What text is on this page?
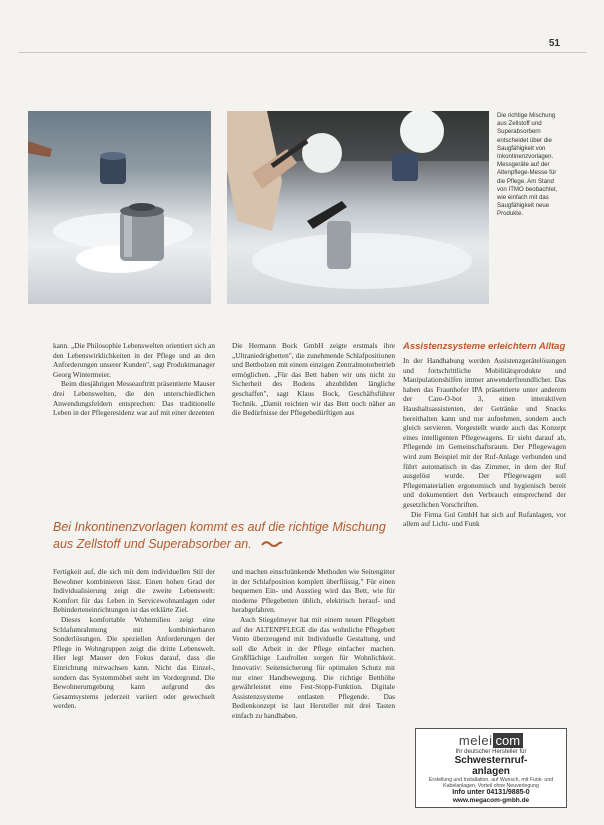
51
Die richtige Mischung aus Zellstoff und Superabsorbern entscheidet über die Saugfähigkeit von Inkontinenzvorlagen. Messgeräte auf der Altenpflege-Messe für die Pflege. Am Stand von ITMO beobachtet, wie einfach mit das Saugfähigkeit neue Produkte.

kann. „Die Philosophie Lebenswelten orientiert sich an den Lebenswirklichkeiten in der Pflege und an den Anforderungen unserer Kunden", sagt Produktmanager Georg Wintermeier.

Beim diesjährigen Messeauftritt präsentierte Mauser drei Lebenswelten, die den unterschiedlichen Anwendungsfeldern entsprechen: Das traditionelle Leben in der Pflegeresidenz war auf mit einer dezenten

Die Hermann Bock GmbH zeigte erstmals ihre „Ultraniedrigbetten", die zunehmende Schlafpositionen und Bettbolzen mit einem einzigen Zentralmotorbetrieb ermöglichen. „Für das Bett haben wir uns nicht zu Sicherheit des Bodens abzubilden längliche geschaffen", sagt Klaus Bock, Geschäftsführer Technik. „Damit reichten wir das Bett noch näher an die Bedürfnisse der Pflegebedürftigen aus

Bei Inkontinenzvorlagen kommt es auf die richtige Mischung aus Zellstoff und Superabsorber an.
Assistenzsysteme erleichtern Alltag

In der Handhabung werden Assistenzgerätelösungen und fortschrittliche Mobilitätsprodukte und Manipulationshilfen immer anwenderfreundlicher. Das haben das Fraunhofer IPA präsentierte unter anderem der Care-O-bot 3, einen interaktiven Haushaltsassistenten, der Getränke und Snacks bereithalten kann und nur aufnehmen, sondern auch gleich servieren. Vorgestellt wurde auch das Konzept eines intelligenten Pflegewagens. Er sieht darauf ab, Pflegende im Gemeinschaftsraum. Der Pflegewagen wird zum Beispiel mit der Ruf-Anlage verbunden und führt automatisch in das Zimmer, in dem der Ruf ausgelöst wurde. Der Pflegewagen soll Pflegematerialien ergonomisch und hygienisch bereit und dokumentiert den Verbrauch entsprechend der gesetzlichen Vorschriften.

Die Firma Gul GmbH hat sich auf Rufanlagen, vor allem auf Licht- und Funk

Fertigkeit auf, die sich mit dem individuellen Stil der Bewohner kombinieren lässt. Einen hohen Grad der Individualisierung zeigt die zweite Lebenswelt: Komfort für das Leben in Servicewohnanlagen oder Behinderteneinrichtungen ist das erklärte Ziel.

Dieses komfortable Wohnmilieu zeigt eine Schlafumrahmung mit kombinierbaren Sonderlösungen. Die speziellen Anforderungen der Pflege in Wohngruppen zeigt die dritte Lebenswelt. Hier legt Mauser den Fokus darauf, dass die Einrichtung mitwachsen kann. Nicht das Einzel-, sondern das Systemmöbel steht im Vordergrund. Die Bewohnerumgebung kann aufgrund des Gesamtsystems jederzeit variiert oder gewechselt werden.

und machen einschränkende Methoden wie Seitengitter in der Schlafposition komplett überflüssig." Für einen bequemen Ein- und Ausstieg wird das Bett, wie für moderne Pflegebetten üblich, elektrisch herauf- und herabgefahren.

Auch Stiegelmeyer hat mit einem neuen Pflegebett auf der ALTENPFLEGE die das wohnliche Pflegebett Vento überzeugend mit Individuelle Gestaltung, und soll die Arbeit in der Pflege einfacher machen. Großflächige Laufrollen sorgen für Wohnlichkeit. Innovativ: Seitensicherung für optimalen Schutz mit nur einer Handbewegung. Die richtige Betthöhe gewährleistet eine Fest-Stopp-Funktion. Digitale Assistenzsysteme entlasten Pflegende. Das Bedienkonzept ist laut Hersteller mit drei Tasten einfach zu handhaben.

melei com
Ihr deutscher Hersteller für
Schwesternruf-
anlagen
Erstellung und Installation, auf Wunsch, mit Funk- und Kabelanlagen, Vorteil ohne Neuverlegung
Info unter 04131/9885-0
www.megacom-gmbh.de
